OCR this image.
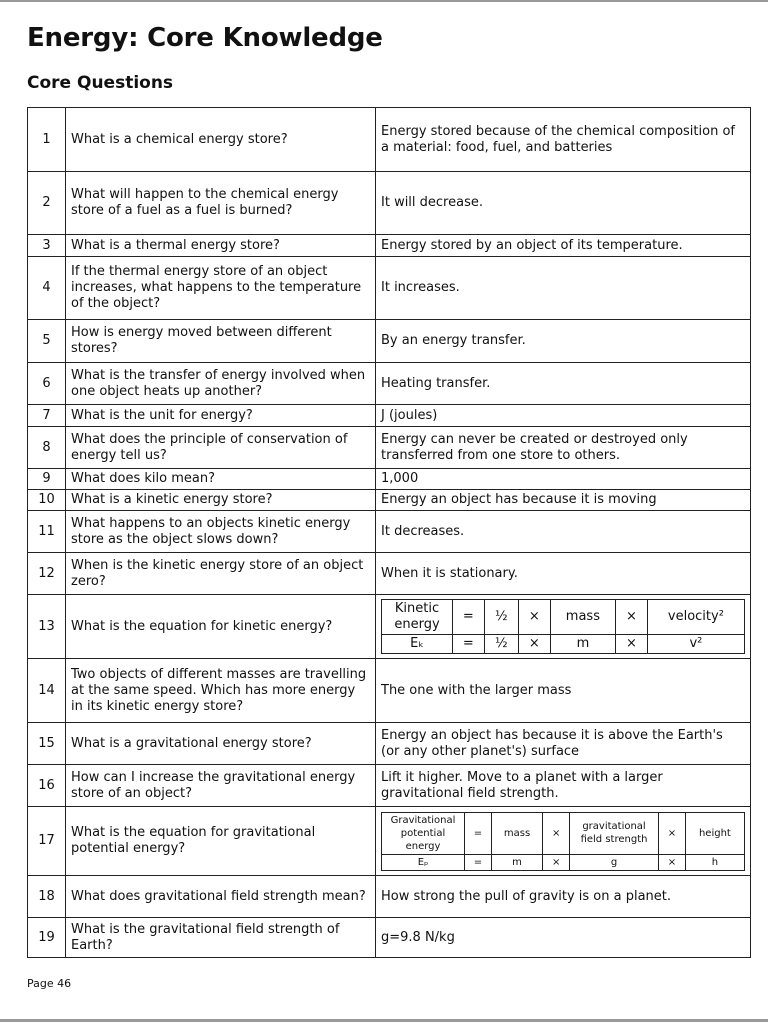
Energy: Core Knowledge
Core Questions
1	What is a chemical energy store?	Energy stored because of the chemical composition of a material: food, fuel, and batteries
2	What will happen to the chemical energy store of a fuel as a fuel is burned?	It will decrease.
3	What is a thermal energy store?	Energy stored by an object of its temperature.
4	If the thermal energy store of an object increases, what happens to the temperature of the object?	It increases.
5	How is energy moved between different stores?	By an energy transfer.
6	What is the transfer of energy involved when one object heats up another?	Heating transfer.
7	What is the unit for energy?	J (joules)
8	What does the principle of conservation of energy tell us?	Energy can never be created or destroyed only transferred from one store to others.
9	What does kilo mean?	1,000
10	What is a kinetic energy store?	Energy an object has because it is moving
11	What happens to an objects kinetic energy store as the object slows down?	It decreases.
12	When is the kinetic energy store of an object zero?	When it is stationary.
13	What is the equation for kinetic energy?	
Kinetic energy	=	½	×	mass	×	velocity²
Eₖ	=	½	×	m	×	v²

14	Two objects of different masses are travelling at the same speed. Which has more energy in its kinetic energy store?	The one with the larger mass
15	What is a gravitational energy store?	Energy an object has because it is above the Earth's (or any other planet's) surface
16	How can I increase the gravitational energy store of an object?	Lift it higher. Move to a planet with a larger gravitational field strength.
17	What is the equation for gravitational potential energy?	
Gravitational potential energy	=	mass	×	gravitational field strength	×	height
Eₚ	=	m	×	g	×	h

18	What does gravitational field strength mean?	How strong the pull of gravity is on a planet.
19	What is the gravitational field strength of Earth?	g=9.8 N/kg
Page 46
